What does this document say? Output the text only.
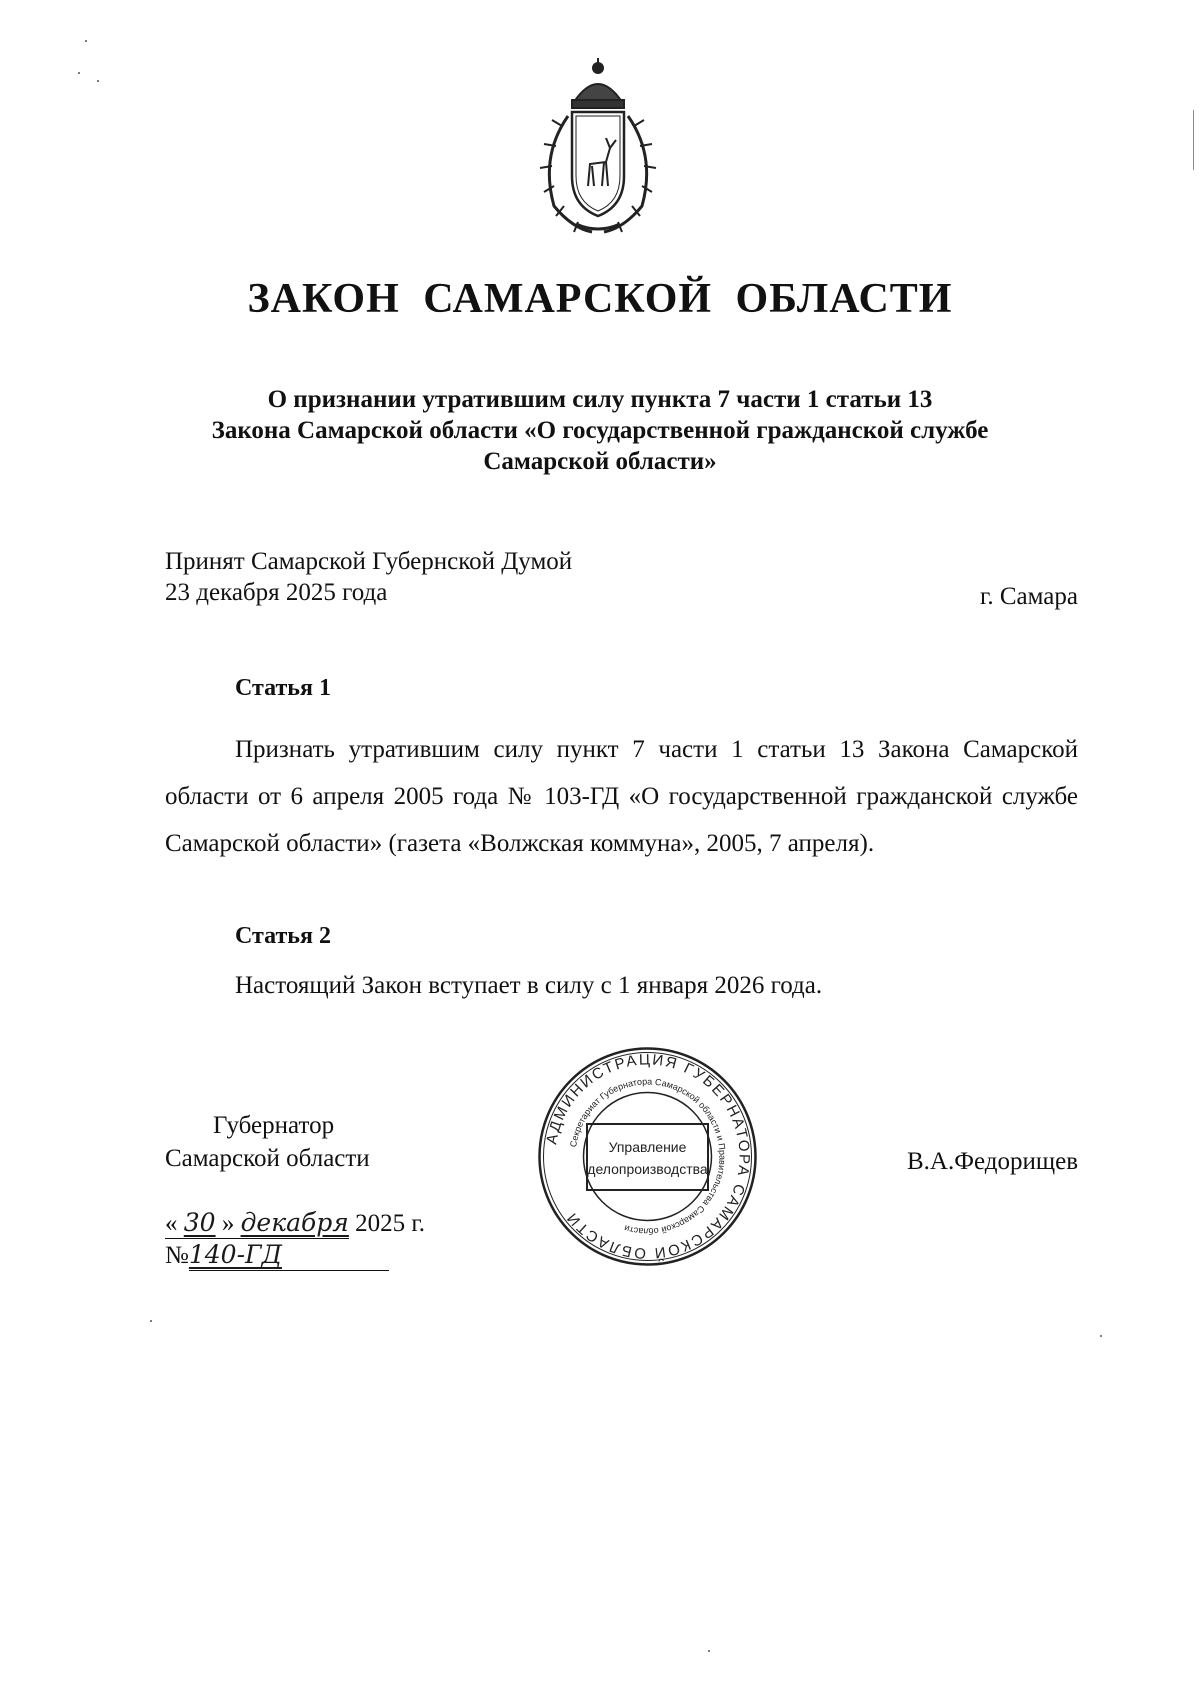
ЗАКОН САМАРСКОЙ ОБЛАСТИ
О признании утратившим силу пункта 7 части 1 статьи 13
Закона Самарской области «О государственной гражданской службе
Самарской области»
Принят Самарской Губернской Думой
23 декабря 2025 года	г. Самара
Статья 1
Признать утратившим силу пункт 7 части 1 статьи 13 Закона Самарской области от 6 апреля 2005 года № 103-ГД «О государственной гражданской службе Самарской области» (газета «Волжская коммуна», 2005, 7 апреля).
Статья 2
Настоящий Закон вступает в силу с 1 января 2026 года.
Губернатор
Самарской области	В.А.Федорищев
АДМИНИСТРАЦИЯ ГУБЕРНАТОРА САМАРСКОЙ ОБЛАСТИ
Секретариат Губернатора Самарской области и Правительства Самарской области
Управление
делопроизводства
« 30 » декабря 2025 г.
№140-ГД
